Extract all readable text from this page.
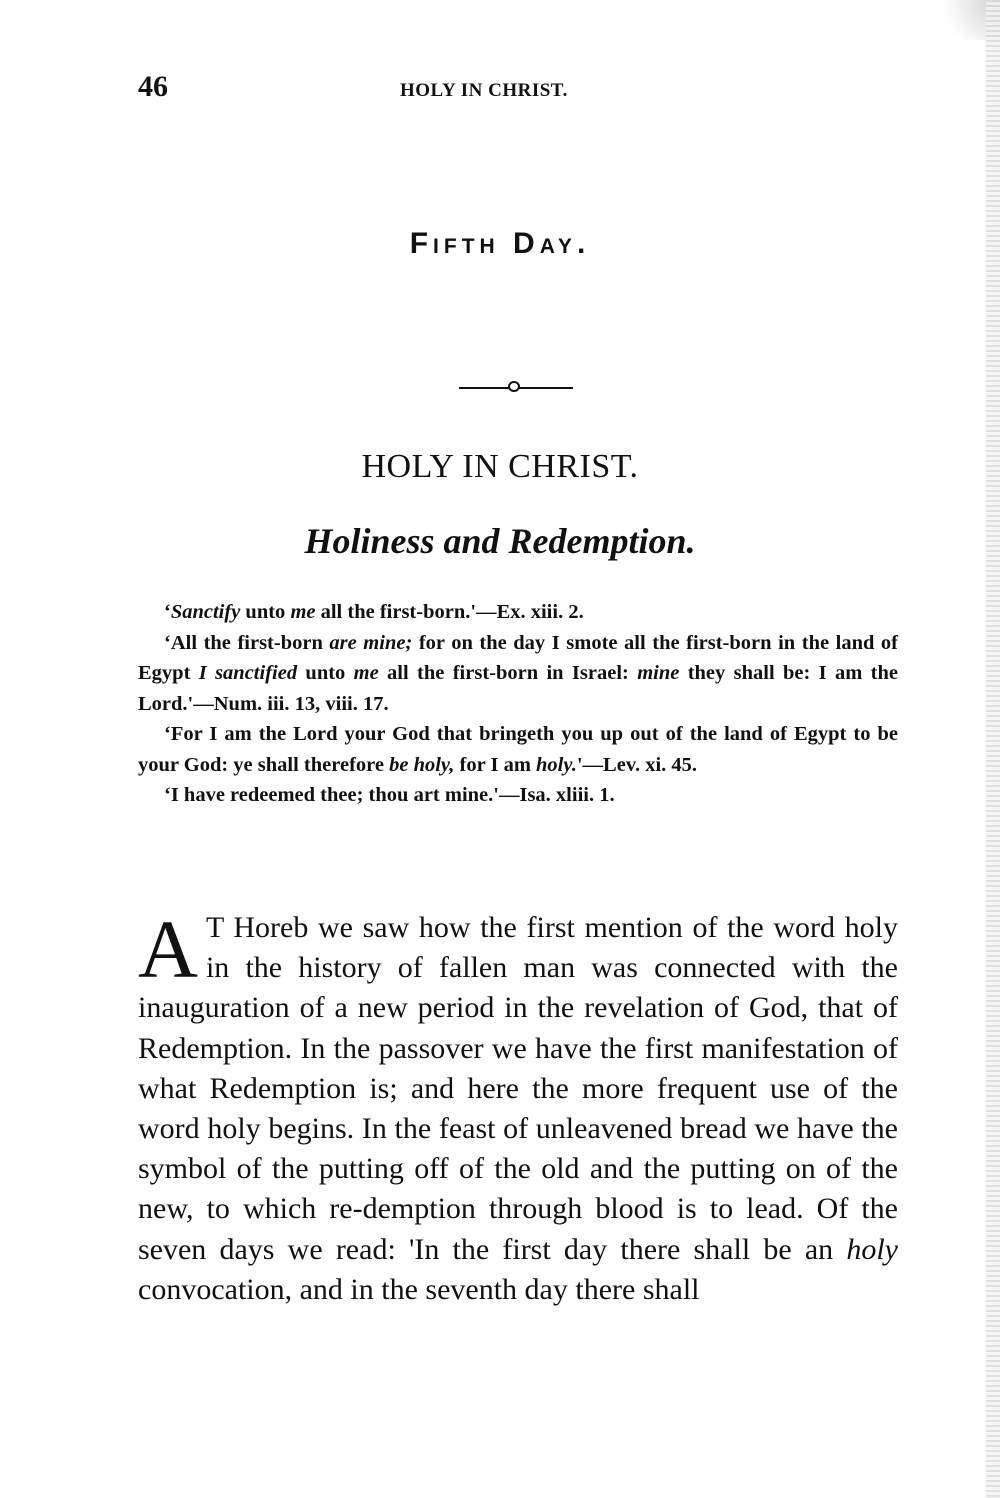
46	HOLY IN CHRIST.
Fifth Day.
HOLY IN CHRIST.
Holiness and Redemption.

‘Sanctify unto me all the first-born.'—Ex. xiii. 2.

‘All the first-born are mine; for on the day I smote all the first-born in the land of Egypt I sanctified unto me all the first-born in Israel: mine they shall be: I am the Lord.'—Num. iii. 13, viii. 17.

‘For I am the Lord your God that bringeth you up out of the land of Egypt to be your God: ye shall therefore be holy, for I am holy.'—Lev. xi. 45.

‘I have redeemed thee; thou art mine.'—Isa. xliii. 1.

A T Horeb we saw how the first mention of the word holy in the history of fallen man was connected with the inauguration of a new period in the revelation of God, that of Redemption. In the passover we have the first manifestation of what Redemption is; and here the more frequent use of the word holy begins. In the feast of unleavened bread we have the symbol of the putting off of the old and the putting on of the new, to which re-demption through blood is to lead. Of the seven days we read: 'In the first day there shall be an holy convocation, and in the seventh day there shall
